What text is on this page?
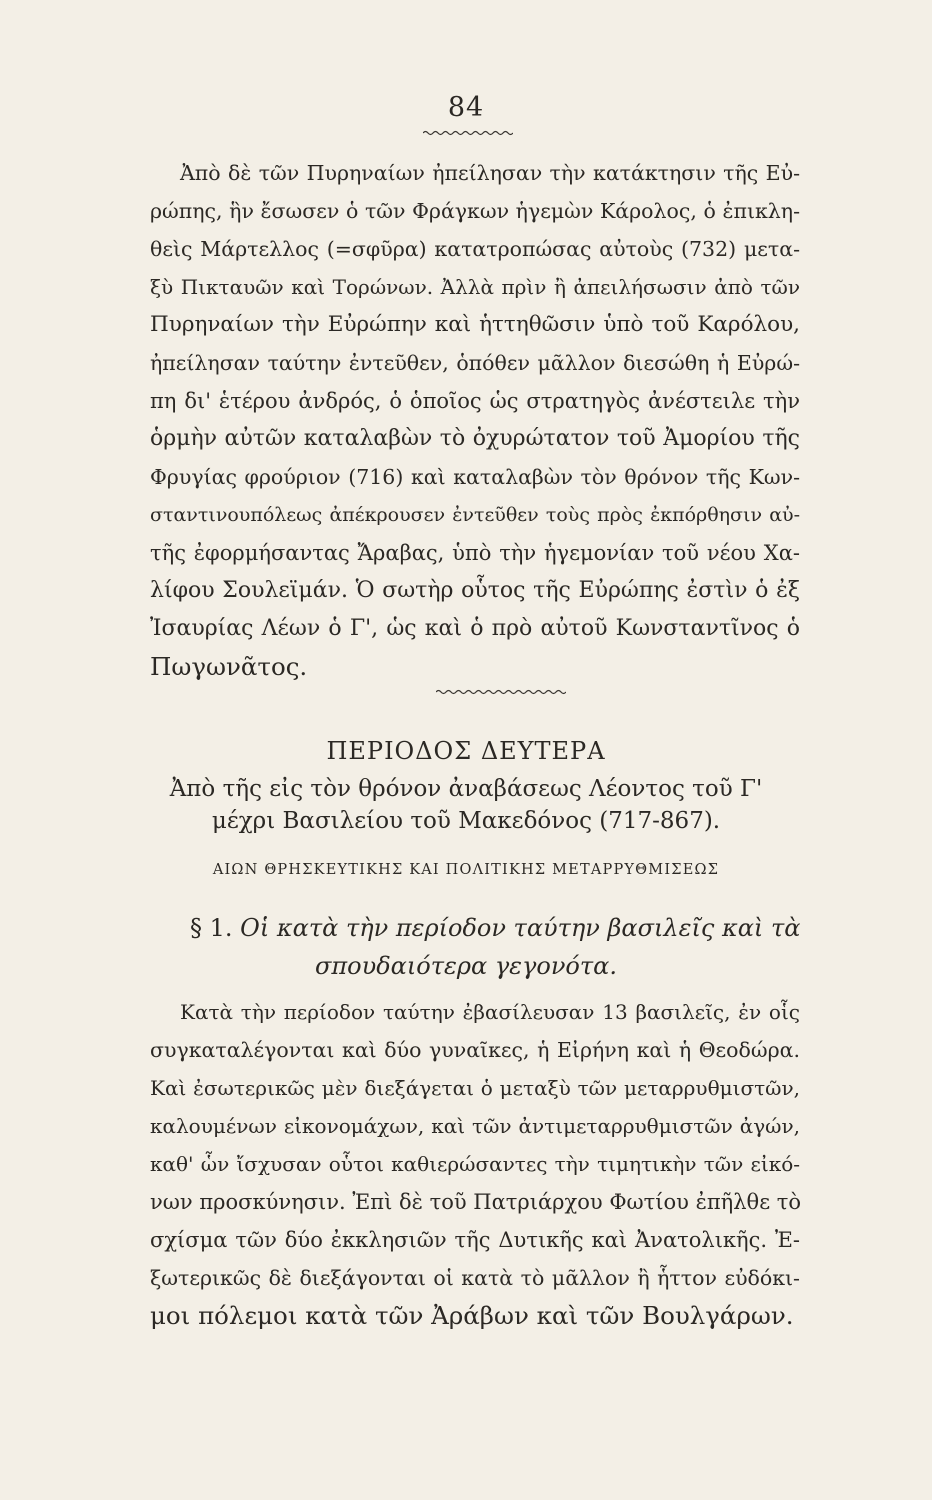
84
Ἀπὸ δὲ τῶν Πυρηναίων ἠπείλησαν τὴν κατάκτησιν τῆς Εὐ-
ρώπης, ἣν ἔσωσεν ὁ τῶν Φράγκων ἡγεμὼν Κάρολος, ὁ ἐπικλη-
θεὶς Μάρτελλος (=σφῦρα) κατατροπώσας αὐτοὺς (732) μετα-
ξὺ Πικταυῶν καὶ Τορώνων. Ἀλλὰ πρὶν ἢ ἀπειλήσωσιν ἀπὸ τῶν
Πυρηναίων τὴν Εὐρώπην καὶ ἡττηθῶσιν ὑπὸ τοῦ Καρόλου,
ἠπείλησαν ταύτην ἐντεῦθεν, ὁπόθεν μᾶλλον διεσώθη ἡ Εὐρώ-
πη δι' ἑτέρου ἀνδρός, ὁ ὁποῖος ὡς στρατηγὸς ἀνέστειλε τὴν
ὁρμὴν αὐτῶν καταλαβὼν τὸ ὀχυρώτατον τοῦ Ἀμορίου τῆς
Φρυγίας φρούριον (716) καὶ καταλαβὼν τὸν θρόνον τῆς Κων-
σταντινουπόλεως ἀπέκρουσεν ἐντεῦθεν τοὺς πρὸς ἐκπόρθησιν αὐ-
τῆς ἐφορμήσαντας Ἄραβας, ὑπὸ τὴν ἡγεμονίαν τοῦ νέου Χα-
λίφου Σουλεϊμάν. Ὁ σωτὴρ οὗτος τῆς Εὐρώπης ἐστὶν ὁ ἐξ
Ἰσαυρίας Λέων ὁ Γ', ὡς καὶ ὁ πρὸ αὐτοῦ Κωνσταντῖνος ὁ
Πωγωνᾶτος.
ΠΕΡΙΟΔΟΣ ΔΕΥΤΕΡΑ
Ἀπὸ τῆς εἰς τὸν θρόνον ἀναβάσεως Λέοντος τοῦ Γ'
μέχρι Βασιλείου τοῦ Μακεδόνος (717-867).
ΑΙΩΝ ΘΡΗΣΚΕΥΤΙΚΗΣ ΚΑΙ ΠΟΛΙΤΙΚΗΣ ΜΕΤΑΡΡΥΘΜΙΣΕΩΣ
§ 1. Οἱ κατὰ τὴν περίοδον ταύτην βασιλεῖς καὶ τὰ
σπουδαιότερα γεγονότα.
Κατὰ τὴν περίοδον ταύτην ἐβασίλευσαν 13 βασιλεῖς, ἐν οἷς
συγκαταλέγονται καὶ δύο γυναῖκες, ἡ Εἰρήνη καὶ ἡ Θεοδώρα.
Καὶ ἐσωτερικῶς μὲν διεξάγεται ὁ μεταξὺ τῶν μεταρρυθμιστῶν,
καλουμένων εἰκονομάχων, καὶ τῶν ἀντιμεταρρυθμιστῶν ἀγών,
καθ' ὧν ἴσχυσαν οὗτοι καθιερώσαντες τὴν τιμητικὴν τῶν εἰκό-
νων προσκύνησιν. Ἐπὶ δὲ τοῦ Πατριάρχου Φωτίου ἐπῆλθε τὸ
σχίσμα τῶν δύο ἐκκλησιῶν τῆς Δυτικῆς καὶ Ἀνατολικῆς. Ἐ-
ξωτερικῶς δὲ διεξάγονται οἱ κατὰ τὸ μᾶλλον ἢ ἧττον εὐδόκι-
μοι πόλεμοι κατὰ τῶν Ἀράβων καὶ τῶν Βουλγάρων.
